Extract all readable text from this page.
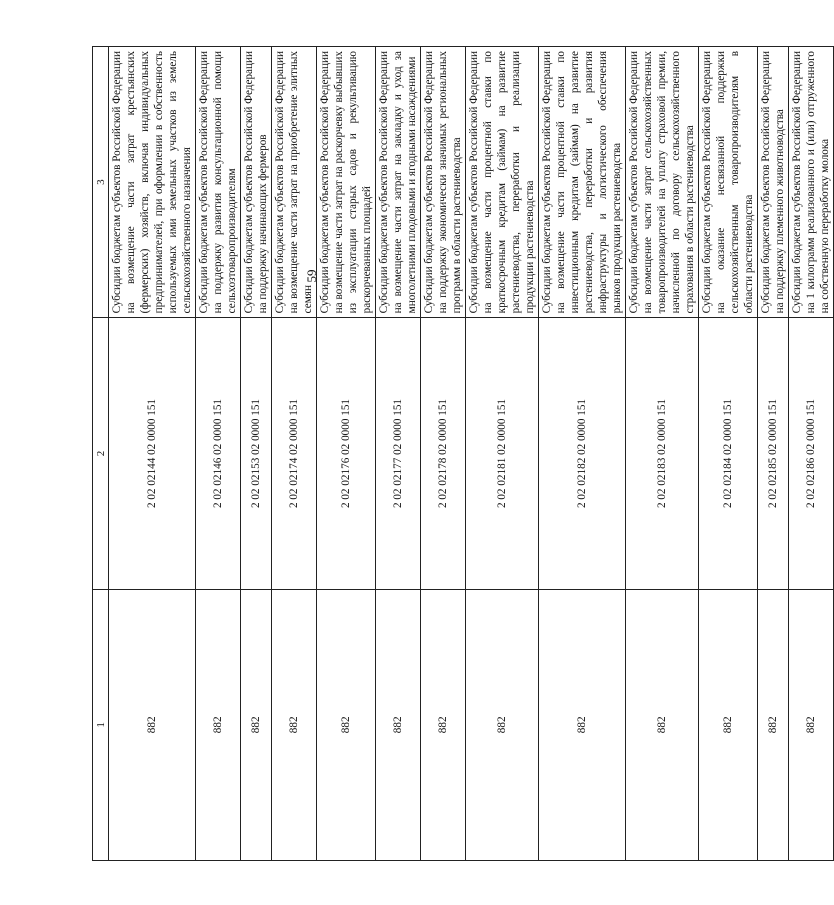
59
1	2	3
882	2 02 02144 02 0000 151	Субсидии бюджетам субъектов Российской Федерации на возмещение части затрат крестьянских (фермерских) хозяйств, включая индивидуальных предпринимателей, при оформлении в собственность используемых ими земельных участков из земель сельскохозяйственного назначения
882	2 02 02146 02 0000 151	Субсидии бюджетам субъектов Российской Федерации на поддержку развития консультационной помощи сельхозтоваропроизводителям
882	2 02 02153 02 0000 151	Субсидии бюджетам субъектов Российской Федерации на поддержку начинающих фермеров
882	2 02 02174 02 0000 151	Субсидии бюджетам субъектов Российской Федерации на возмещение части затрат на приобретение элитных семян
882	2 02 02176 02 0000 151	Субсидии бюджетам субъектов Российской Федерации на возмещение части затрат на раскорчевку выбывших из эксплуатации старых садов и рекультивацию раскорчеванных площадей
882	2 02 02177 02 0000 151	Субсидии бюджетам субъектов Российской Федерации на возмещение части затрат на закладку и уход за многолетними плодовыми и ягодными насаждениями
882	2 02 02178 02 0000 151	Субсидии бюджетам субъектов Российской Федерации на поддержку экономически значимых региональных программ в области растениеводства
882	2 02 02181 02 0000 151	Субсидии бюджетам субъектов Российской Федерации на возмещение части процентной ставки по краткосрочным кредитам (займам) на развитие растениеводства, переработки и реализации продукции растениеводства
882	2 02 02182 02 0000 151	Субсидии бюджетам субъектов Российской Федерации на возмещение части процентной ставки по инвестиционным кредитам (займам) на развитие растениеводства, переработки и развития инфраструктуры и логистического обеспечения рынков продукции растениеводства
882	2 02 02183 02 0000 151	Субсидии бюджетам субъектов Российской Федерации на возмещение части затрат сельскохозяйственных товаропроизводителей на уплату страховой премии, начисленной по договору сельскохозяйственного страхования в области растениеводства
882	2 02 02184 02 0000 151	Субсидии бюджетам субъектов Российской Федерации на оказание несвязанной поддержки сельскохозяйственным товаропроизводителям в области растениеводства
882	2 02 02185 02 0000 151	Субсидии бюджетам субъектов Российской Федерации на поддержку племенного животноводства
882	2 02 02186 02 0000 151	Субсидии бюджетам субъектов Российской Федерации на 1 килограмм реализованного и (или) отгруженного на собственную переработку молока
